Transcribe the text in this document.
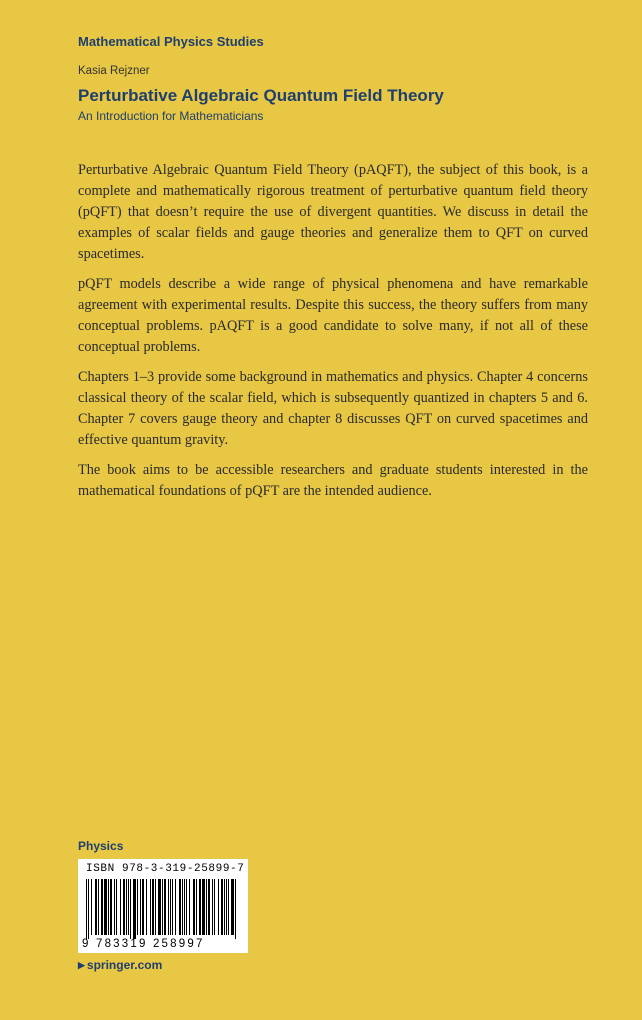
Mathematical Physics Studies
Kasia Rejzner
Perturbative Algebraic Quantum Field Theory
An Introduction for Mathematicians

Perturbative Algebraic Quantum Field Theory (pAQFT), the subject of this book, is a complete and mathematically rigorous treatment of perturbative quantum field theory (pQFT) that doesn’t require the use of divergent quantities. We discuss in detail the examples of scalar fields and gauge theories and generalize them to QFT on curved spacetimes.

pQFT models describe a wide range of physical phenomena and have remarkable agreement with experimental results. Despite this success, the theory suffers from many conceptual problems. pAQFT is a good candidate to solve many, if not all of these conceptual problems.

Chapters 1–3 provide some background in mathematics and physics. Chapter 4 concerns classical theory of the scalar field, which is subsequently quantized in chapters 5 and 6. Chapter 7 covers gauge theory and chapter 8 discusses QFT on curved spacetimes and effective quantum gravity.

The book aims to be accessible researchers and graduate students interested in the mathematical foundations of pQFT are the intended audience.

Physics
ISBN 978-3-319-25899-7
9 783319 258997
▶ springer.com
